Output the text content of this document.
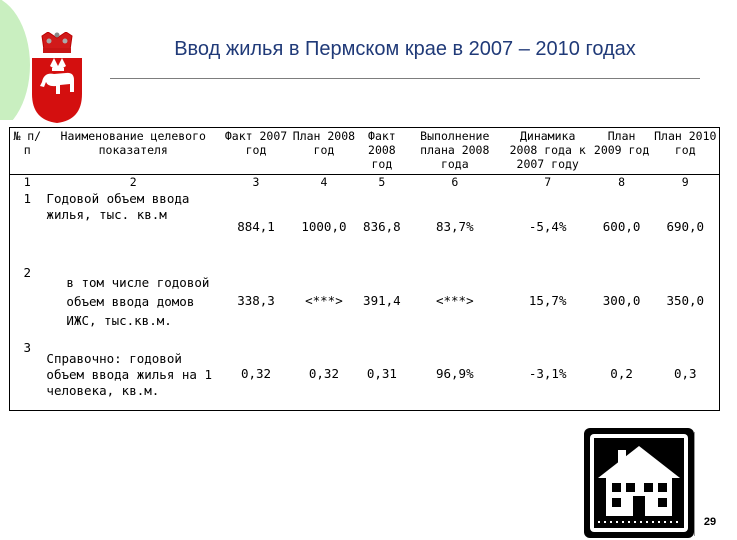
Ввод жилья в Пермском крае в 2007 – 2010 годах
№ п/п	Наименование целевого показателя	Факт 2007 год	План 2008 год	Факт 2008 год	Выполнение плана 2008 года	Динамика 2008 года к 2007 году	План 2009 год	План 2010 год
1	2	3	4	5	6	7	8	9
1	Годовой объем ввода жилья, тыс. кв.м	884,1	1000,0	836,8	83,7%	-5,4%	600,0	690,0
2	в том числе годовой объем ввода домов ИЖС, тыс.кв.м.	338,3	<***>	391,4	<***>	15,7%	300,0	350,0
3	Справочно: годовой объем ввода жилья на 1 человека, кв.м.	0,32	0,32	0,31	96,9%	-3,1%	0,2	0,3
29
